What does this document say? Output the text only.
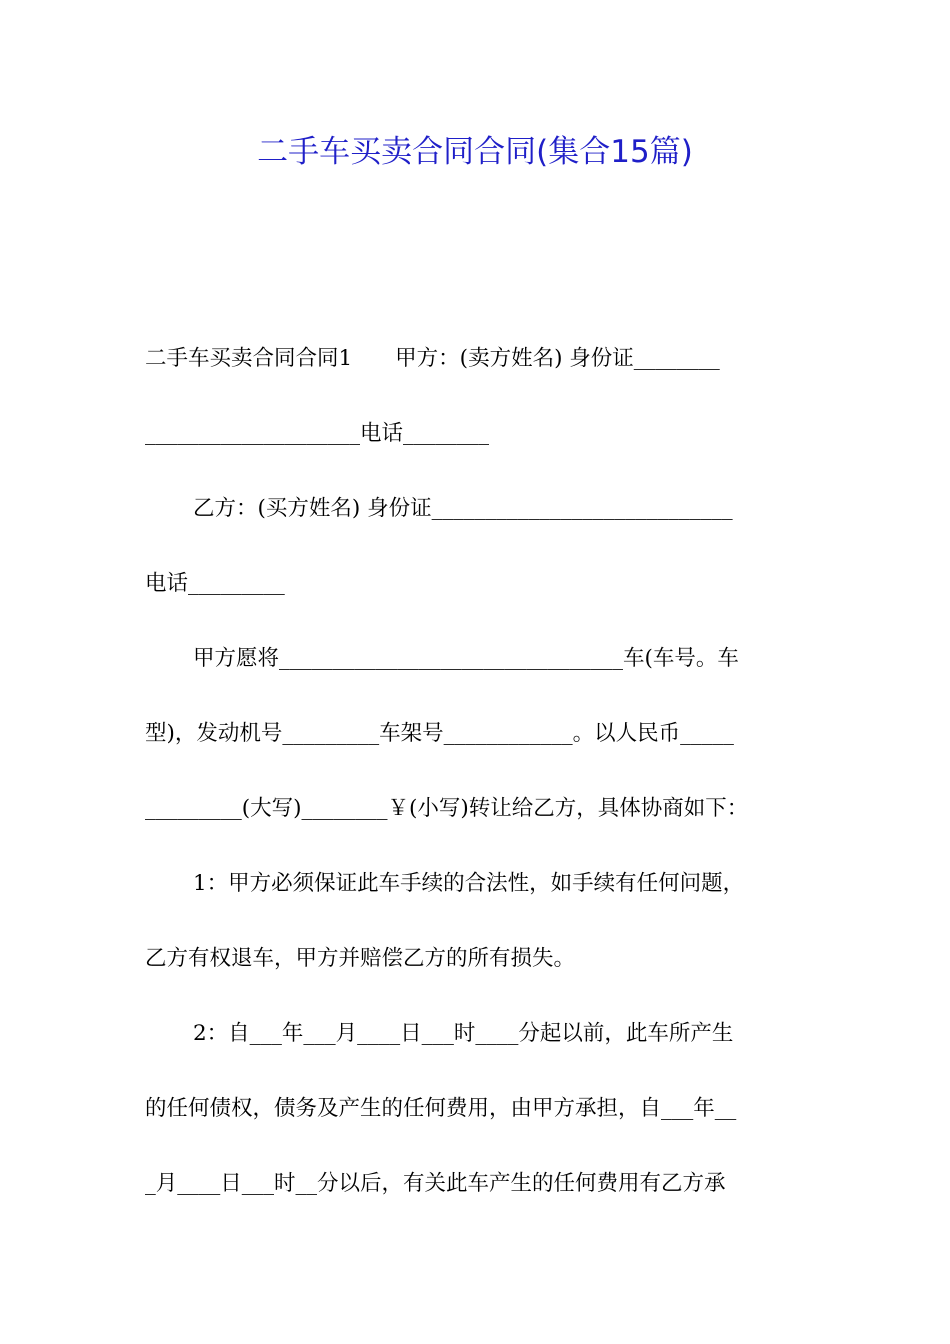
二手车买卖合同合同(集合15篇)
二手车买卖合同合同1　　甲方：(卖方姓名) 身份证________
____________________电话________
乙方：(买方姓名) 身份证____________________________
电话_________
甲方愿将________________________________车(车号。车
型)，发动机号_________车架号____________。以人民币_____
_________(大写)________￥(小写)转让给乙方，具体协商如下：
1：甲方必须保证此车手续的合法性，如手续有任何问题，
乙方有权退车，甲方并赔偿乙方的所有损失。
2：自___年___月____日___时____分起以前，此车所产生
的任何债权，债务及产生的任何费用，由甲方承担，自___年__
_月____日___时__分以后，有关此车产生的任何费用有乙方承
